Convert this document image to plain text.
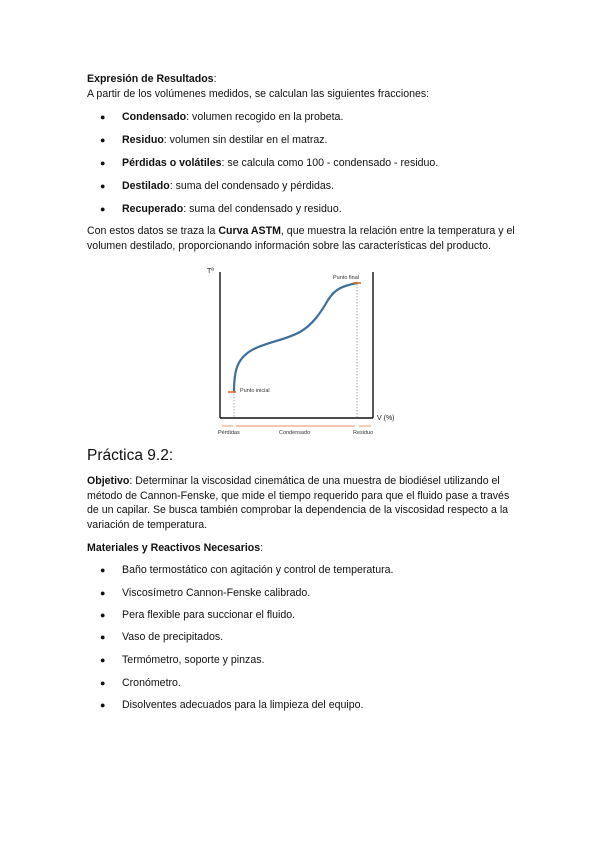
Expresión de Resultados:
A partir de los volúmenes medidos, se calculan las siguientes fracciones:
● Condensado: volumen recogido en la probeta.
● Residuo: volumen sin destilar en el matraz.
● Pérdidas o volátiles: se calcula como 100 - condensado - residuo.
● Destilado: suma del condensado y pérdidas.
● Recuperado: suma del condensado y residuo.
Con estos datos se traza la Curva ASTM, que muestra la relación entre la temperatura y el
volumen destilado, proporcionando información sobre las características del producto.
Tª
Punto final
Punto inicial
V (%)
Pérdidas	Condensado	Residuo
Práctica 9.2:
Objetivo: Determinar la viscosidad cinemática de una muestra de biodiésel utilizando el
método de Cannon-Fenske, que mide el tiempo requerido para que el fluido pase a través
de un capilar. Se busca también comprobar la dependencia de la viscosidad respecto a la
variación de temperatura.
Materiales y Reactivos Necesarios:
● Baño termostático con agitación y control de temperatura.
● Viscosímetro Cannon-Fenske calibrado.
● Pera flexible para succionar el fluido.
● Vaso de precipitados.
● Termómetro, soporte y pinzas.
● Cronómetro.
● Disolventes adecuados para la limpieza del equipo.
